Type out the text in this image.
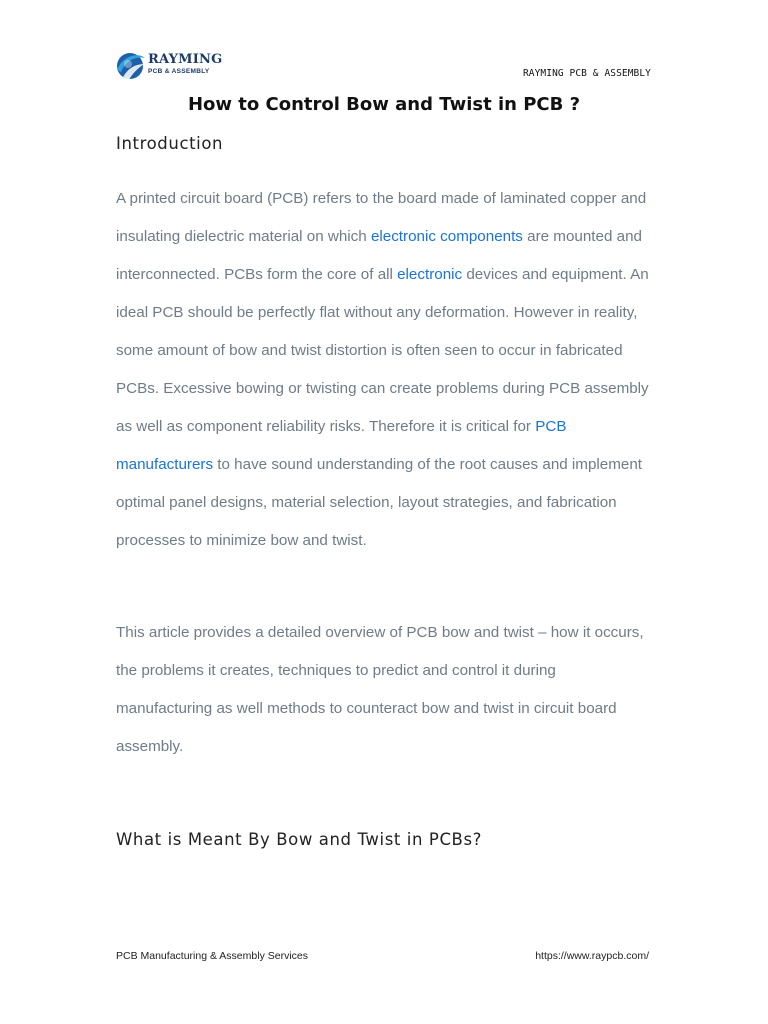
RAYMING
PCB & ASSEMBLY	RAYMING PCB & ASSEMBLY
How to Control Bow and Twist in PCB ?
Introduction

A printed circuit board (PCB) refers to the board made of laminated copper and insulating dielectric material on which electronic components are mounted and interconnected. PCBs form the core of all electronic devices and equipment. An ideal PCB should be perfectly flat without any deformation. However in reality, some amount of bow and twist distortion is often seen to occur in fabricated PCBs. Excessive bowing or twisting can create problems during PCB assembly as well as component reliability risks. Therefore it is critical for PCB manufacturers to have sound understanding of the root causes and implement optimal panel designs, material selection, layout strategies, and fabrication processes to minimize bow and twist.

This article provides a detailed overview of PCB bow and twist – how it occurs, the problems it creates, techniques to predict and control it during manufacturing as well methods to counteract bow and twist in circuit board assembly.

What is Meant By Bow and Twist in PCBs?
PCB Manufacturing & Assembly Services	https://www.raypcb.com/
